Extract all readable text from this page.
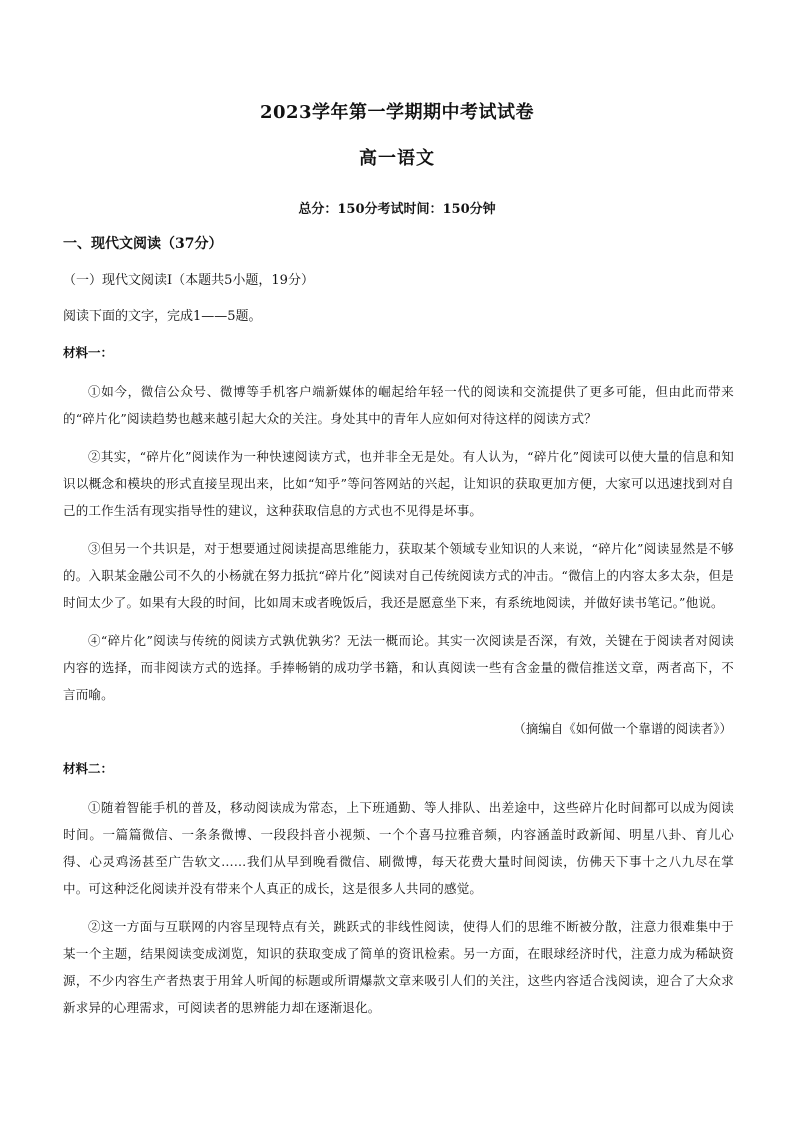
2023学年第一学期期中考试试卷
高一语文
总分：150分考试时间：150分钟
一、现代文阅读（37分）
（一）现代文阅读Ⅰ（本题共5小题，19分）
阅读下面的文字，完成1——5题。
材料一：

①如今，微信公众号、微博等手机客户端新媒体的崛起给年轻一代的阅读和交流提供了更多可能，但由此而带来的“碎片化”阅读趋势也越来越引起大众的关注。身处其中的青年人应如何对待这样的阅读方式？

②其实，“碎片化”阅读作为一种快速阅读方式，也并非全无是处。有人认为，“碎片化”阅读可以使大量的信息和知识以概念和模块的形式直接呈现出来，比如“知乎”等问答网站的兴起，让知识的获取更加方便，大家可以迅速找到对自己的工作生活有现实指导性的建议，这种获取信息的方式也不见得是坏事。

③但另一个共识是，对于想要通过阅读提高思维能力，获取某个领域专业知识的人来说，“碎片化”阅读显然是不够的。入职某金融公司不久的小杨就在努力抵抗“碎片化”阅读对自己传统阅读方式的冲击。“微信上的内容太多太杂，但是时间太少了。如果有大段的时间，比如周末或者晚饭后，我还是愿意坐下来，有系统地阅读，并做好读书笔记。”他说。

④“碎片化”阅读与传统的阅读方式孰优孰劣？无法一概而论。其实一次阅读是否深，有效，关键在于阅读者对阅读内容的选择，而非阅读方式的选择。手捧畅销的成功学书籍，和认真阅读一些有含金量的微信推送文章，两者高下，不言而喻。

（摘编自《如何做一个靠谱的阅读者》）
材料二：

①随着智能手机的普及，移动阅读成为常态，上下班通勤、等人排队、出差途中，这些碎片化时间都可以成为阅读时间。一篇篇微信、一条条微博、一段段抖音小视频、一个个喜马拉雅音频，内容涵盖时政新闻、明星八卦、育儿心得、心灵鸡汤甚至广告软文……我们从早到晚看微信、刷微博，每天花费大量时间阅读，仿佛天下事十之八九尽在掌中。可这种泛化阅读并没有带来个人真正的成长，这是很多人共同的感觉。

②这一方面与互联网的内容呈现特点有关，跳跃式的非线性阅读，使得人们的思维不断被分散，注意力很难集中于某一个主题，结果阅读变成浏览，知识的获取变成了简单的资讯检索。另一方面，在眼球经济时代，注意力成为稀缺资源，不少内容生产者热衷于用耸人听闻的标题或所谓爆款文章来吸引人们的关注，这些内容适合浅阅读，迎合了大众求新求异的心理需求，可阅读者的思辨能力却在逐渐退化。
